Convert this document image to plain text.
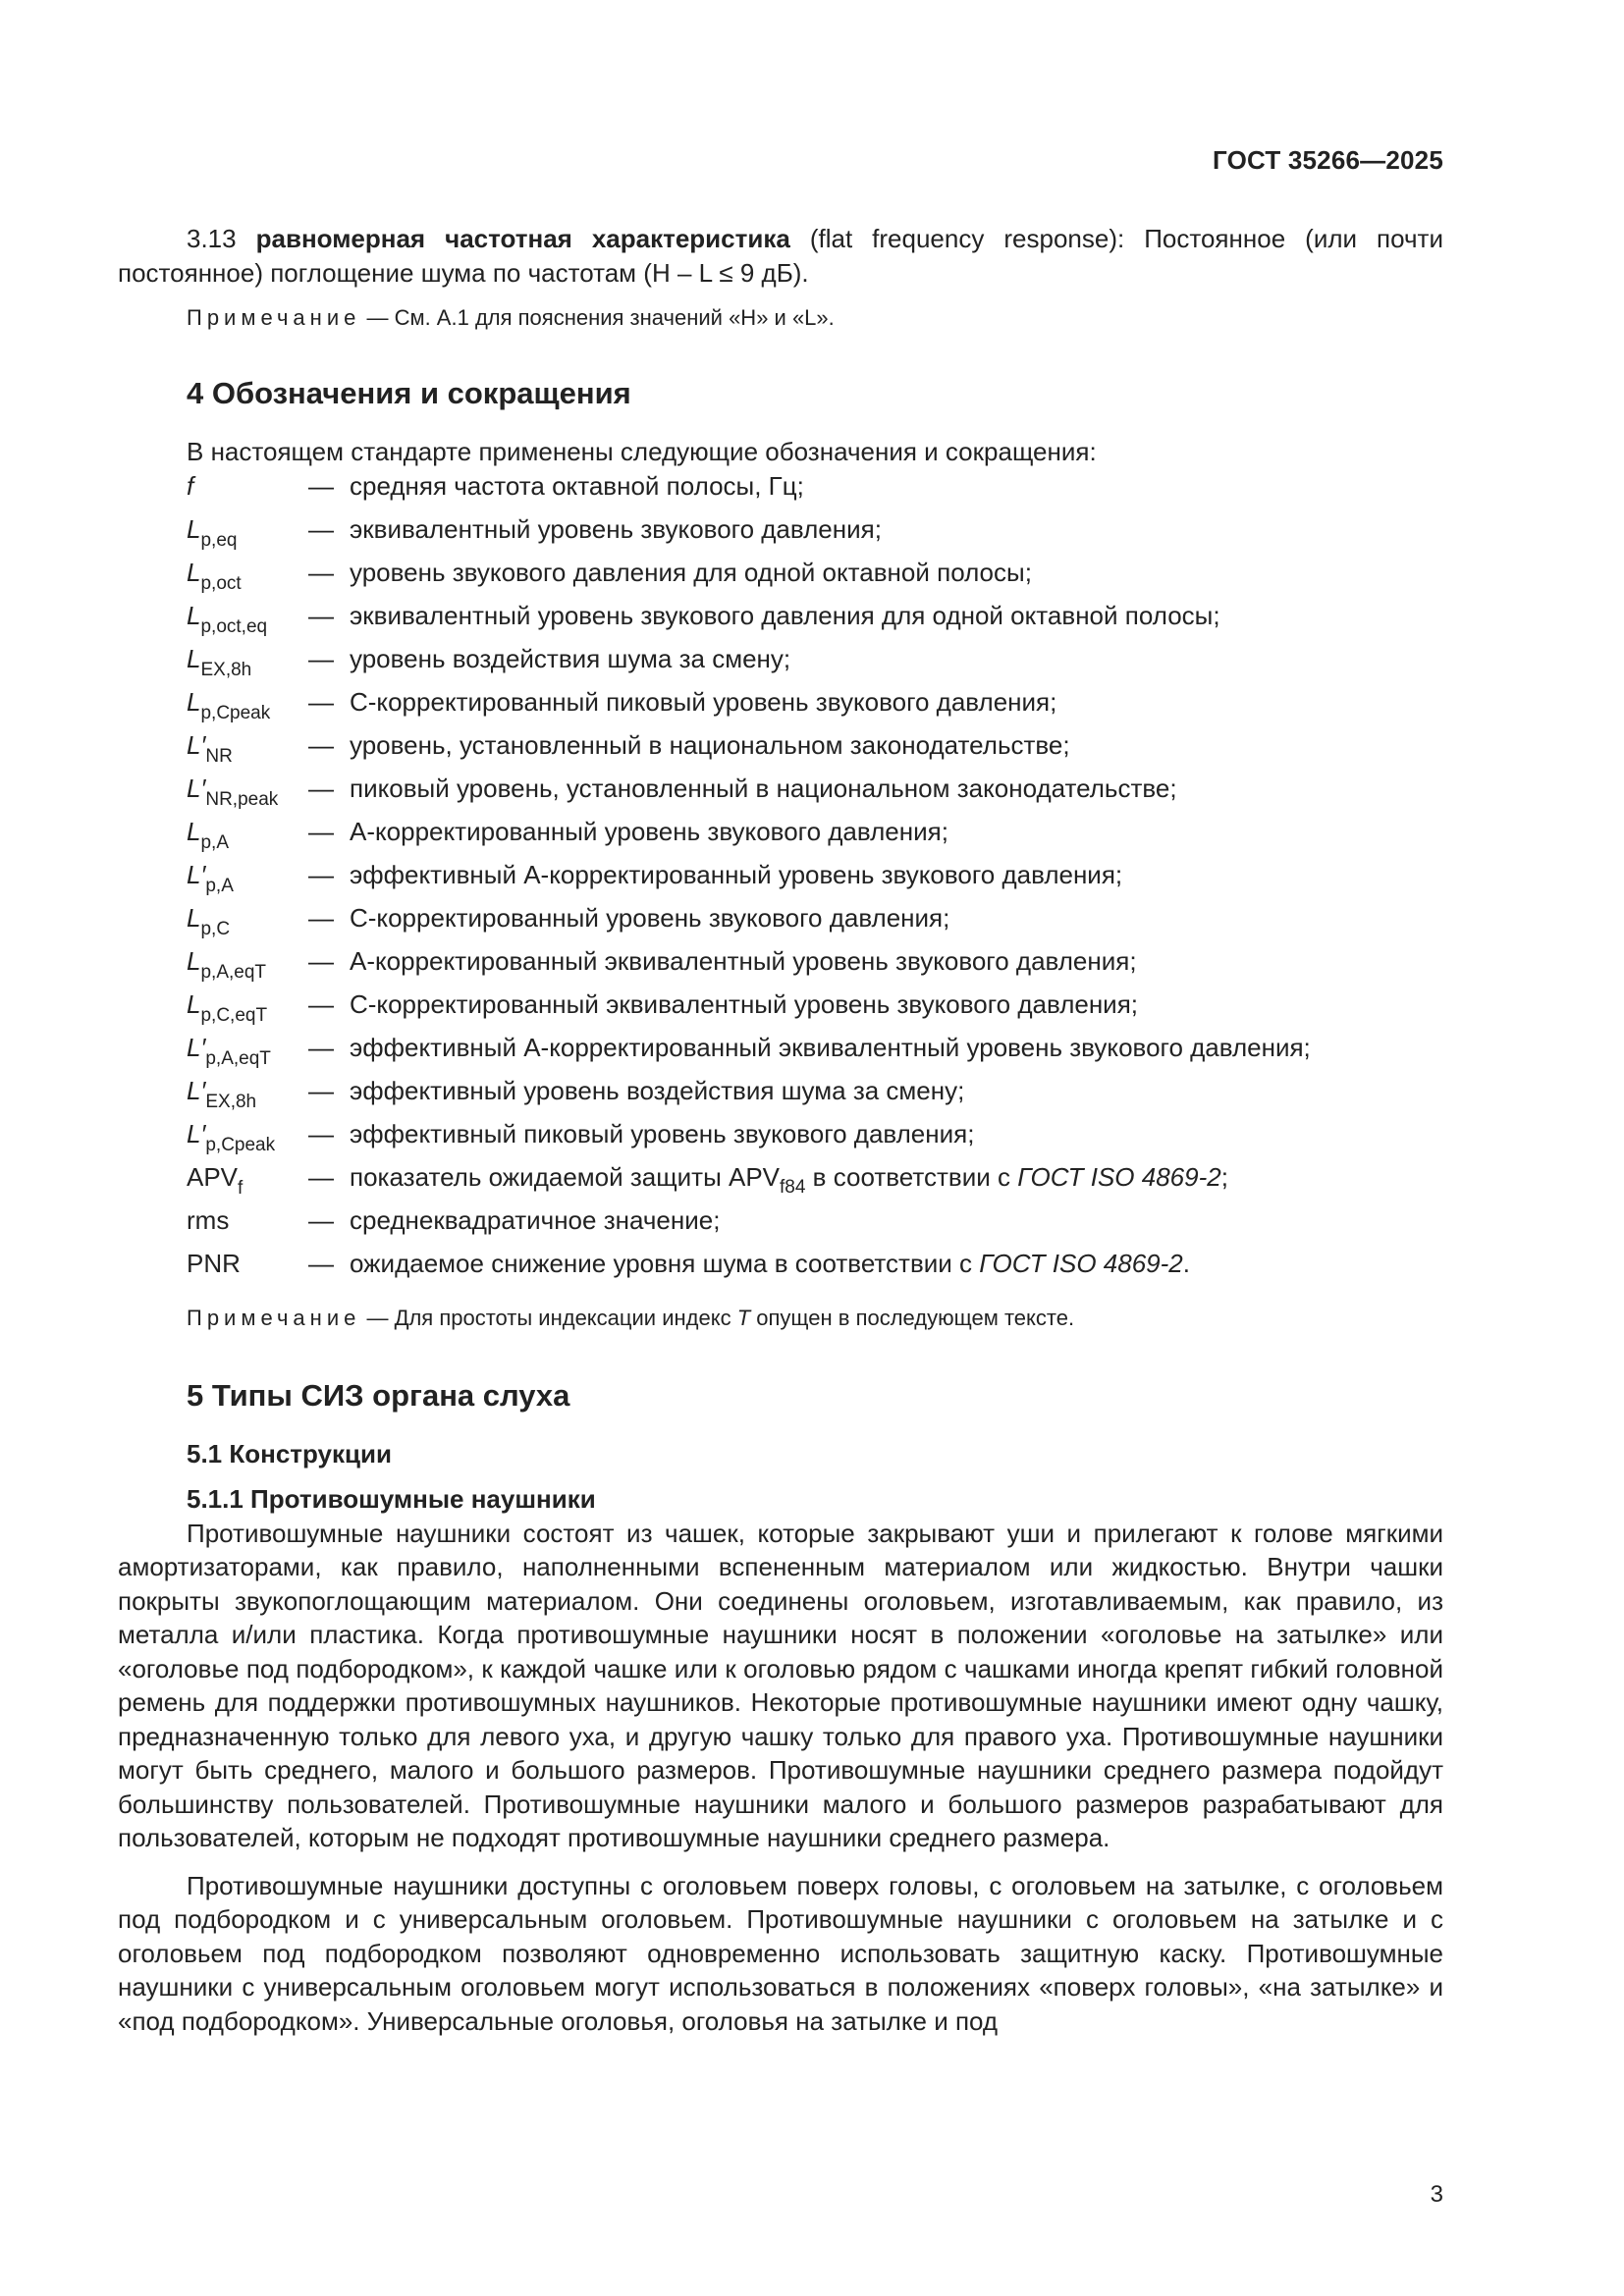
ГОСТ 35266—2025

3.13 равномерная частотная характеристика (flat frequency response): Постоянное (или почти постоянное) поглощение шума по частотам (H – L ≤ 9 дБ).

Примечание — См. A.1 для пояснения значений «H» и «L».

4 Обозначения и сокращения

В настоящем стандарте применены следующие обозначения и сокращения:

f	— средняя частота октавной полосы, Гц;
$L_{p,eq}$	— эквивалентный уровень звукового давления;
$L_{p,oct}$	— уровень звукового давления для одной октавной полосы;
$L_{p,oct,eq}$	— эквивалентный уровень звукового давления для одной октавной полосы;
$L_{EX,8h}$	— уровень воздействия шума за смену;
$L_{p,Cpeak}$	— С-корректированный пиковый уровень звукового давления;
$L'_{NR}$	— уровень, установленный в национальном законодательстве;
$L'_{NR,peak}$	— пиковый уровень, установленный в национальном законодательстве;
$L_{p,A}$	— А-корректированный уровень звукового давления;
$L'_{p,A}$	— эффективный А-корректированный уровень звукового давления;
$L_{p,C}$	— С-корректированный уровень звукового давления;
$L_{p,A,eqT}$	— А-корректированный эквивалентный уровень звукового давления;
$L_{p,C,eqT}$	— С-корректированный эквивалентный уровень звукового давления;
$L'_{p,A,eqT}$	— эффективный А-корректированный эквивалентный уровень звукового давления;
$L'_{EX,8h}$	— эффективный уровень воздействия шума за смену;
$L'_{p,Cpeak}$	— эффективный пиковый уровень звукового давления;
$APV_f$	— показатель ожидаемой защиты $APV_{f84}$ в соответствии с ГОСТ ISO 4869-2;
rms	— среднеквадратичное значение;
PNR	— ожидаемое снижение уровня шума в соответствии с ГОСТ ISO 4869-2.

Примечание — Для простоты индексации индекс T опущен в последующем тексте.

5 Типы СИЗ органа слуха

5.1 Конструкции

5.1.1 Противошумные наушники

Противошумные наушники состоят из чашек, которые закрывают уши и прилегают к голове мягкими амортизаторами, как правило, наполненными вспененным материалом или жидкостью. Внутри чашки покрыты звукопоглощающим материалом. Они соединены оголовьем, изготавливаемым, как правило, из металла и/или пластика. Когда противошумные наушники носят в положении «оголовье на затылке» или «оголовье под подбородком», к каждой чашке или к оголовью рядом с чашками иногда крепят гибкий головной ремень для поддержки противошумных наушников. Некоторые противошумные наушники имеют одну чашку, предназначенную только для левого уха, и другую чашку только для правого уха. Противошумные наушники могут быть среднего, малого и большого размеров. Противошумные наушники среднего размера подойдут большинству пользователей. Противошумные наушники малого и большого размеров разрабатывают для пользователей, которым не подходят противошумные наушники среднего размера.

Противошумные наушники доступны с оголовьем поверх головы, с оголовьем на затылке, с оголовьем под подбородком и с универсальным оголовьем. Противошумные наушники с оголовьем на затылке и с оголовьем под подбородком позволяют одновременно использовать защитную каску. Противошумные наушники с универсальным оголовьем могут использоваться в положениях «поверх головы», «на затылке» и «под подбородком». Универсальные оголовья, оголовья на затылке и под

3
